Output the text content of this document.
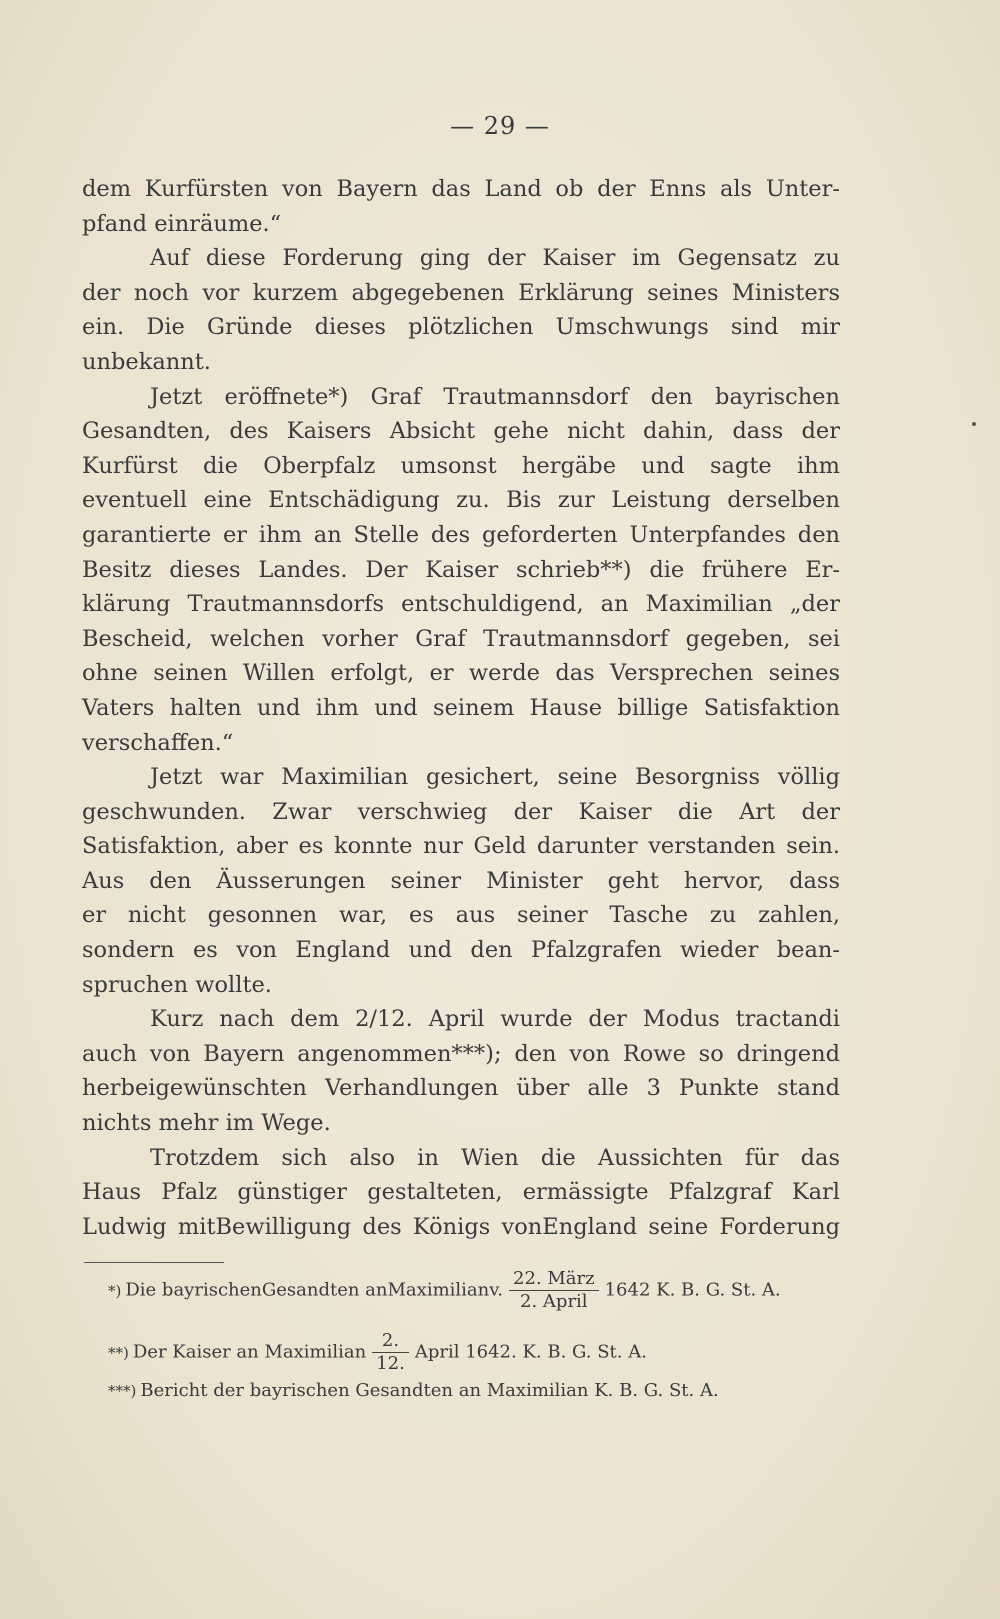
— 29 —
dem Kurfürsten von Bayern das Land ob der Enns als Unter-
pfand einräume.“
Auf diese Forderung ging der Kaiser im Gegensatz zu
der noch vor kurzem abgegebenen Erklärung seines Ministers
ein. Die Gründe dieses plötzlichen Umschwungs sind mir
unbekannt.
Jetzt eröffnete*) Graf Trautmannsdorf den bayrischen
Gesandten, des Kaisers Absicht gehe nicht dahin, dass der
Kurfürst die Oberpfalz umsonst hergäbe und sagte ihm
eventuell eine Entschädigung zu. Bis zur Leistung derselben
garantierte er ihm an Stelle des geforderten Unterpfandes den
Besitz dieses Landes. Der Kaiser schrieb**) die frühere Er-
klärung Trautmannsdorfs entschuldigend, an Maximilian „der
Bescheid, welchen vorher Graf Trautmannsdorf gegeben, sei
ohne seinen Willen erfolgt, er werde das Versprechen seines
Vaters halten und ihm und seinem Hause billige Satisfaktion
verschaffen.“
Jetzt war Maximilian gesichert, seine Besorgniss völlig
geschwunden. Zwar verschwieg der Kaiser die Art der
Satisfaktion, aber es konnte nur Geld darunter verstanden sein.
Aus den Äusserungen seiner Minister geht hervor, dass
er nicht gesonnen war, es aus seiner Tasche zu zahlen,
sondern es von England und den Pfalzgrafen wieder bean-
spruchen wollte.
Kurz nach dem 2/12. April wurde der Modus tractandi
auch von Bayern angenommen***); den von Rowe so dringend
herbeigewünschten Verhandlungen über alle 3 Punkte stand
nichts mehr im Wege.
Trotzdem sich also in Wien die Aussichten für das
Haus Pfalz günstiger gestalteten, ermässigte Pfalzgraf Karl
Ludwig mitBewilligung des Königs vonEngland seine Forderung
*) Die bayrischenGesandten anMaximilianv. $\frac{\text{22. März}}{\text{2. April}} 1642$ K. B. G. St. A.
**) Der Kaiser an Maximilian $\frac{2.}{12.}$ April 1642. K. B. G. St. A.
***) Bericht der bayrischen Gesandten an Maximilian K. B. G. St. A.
